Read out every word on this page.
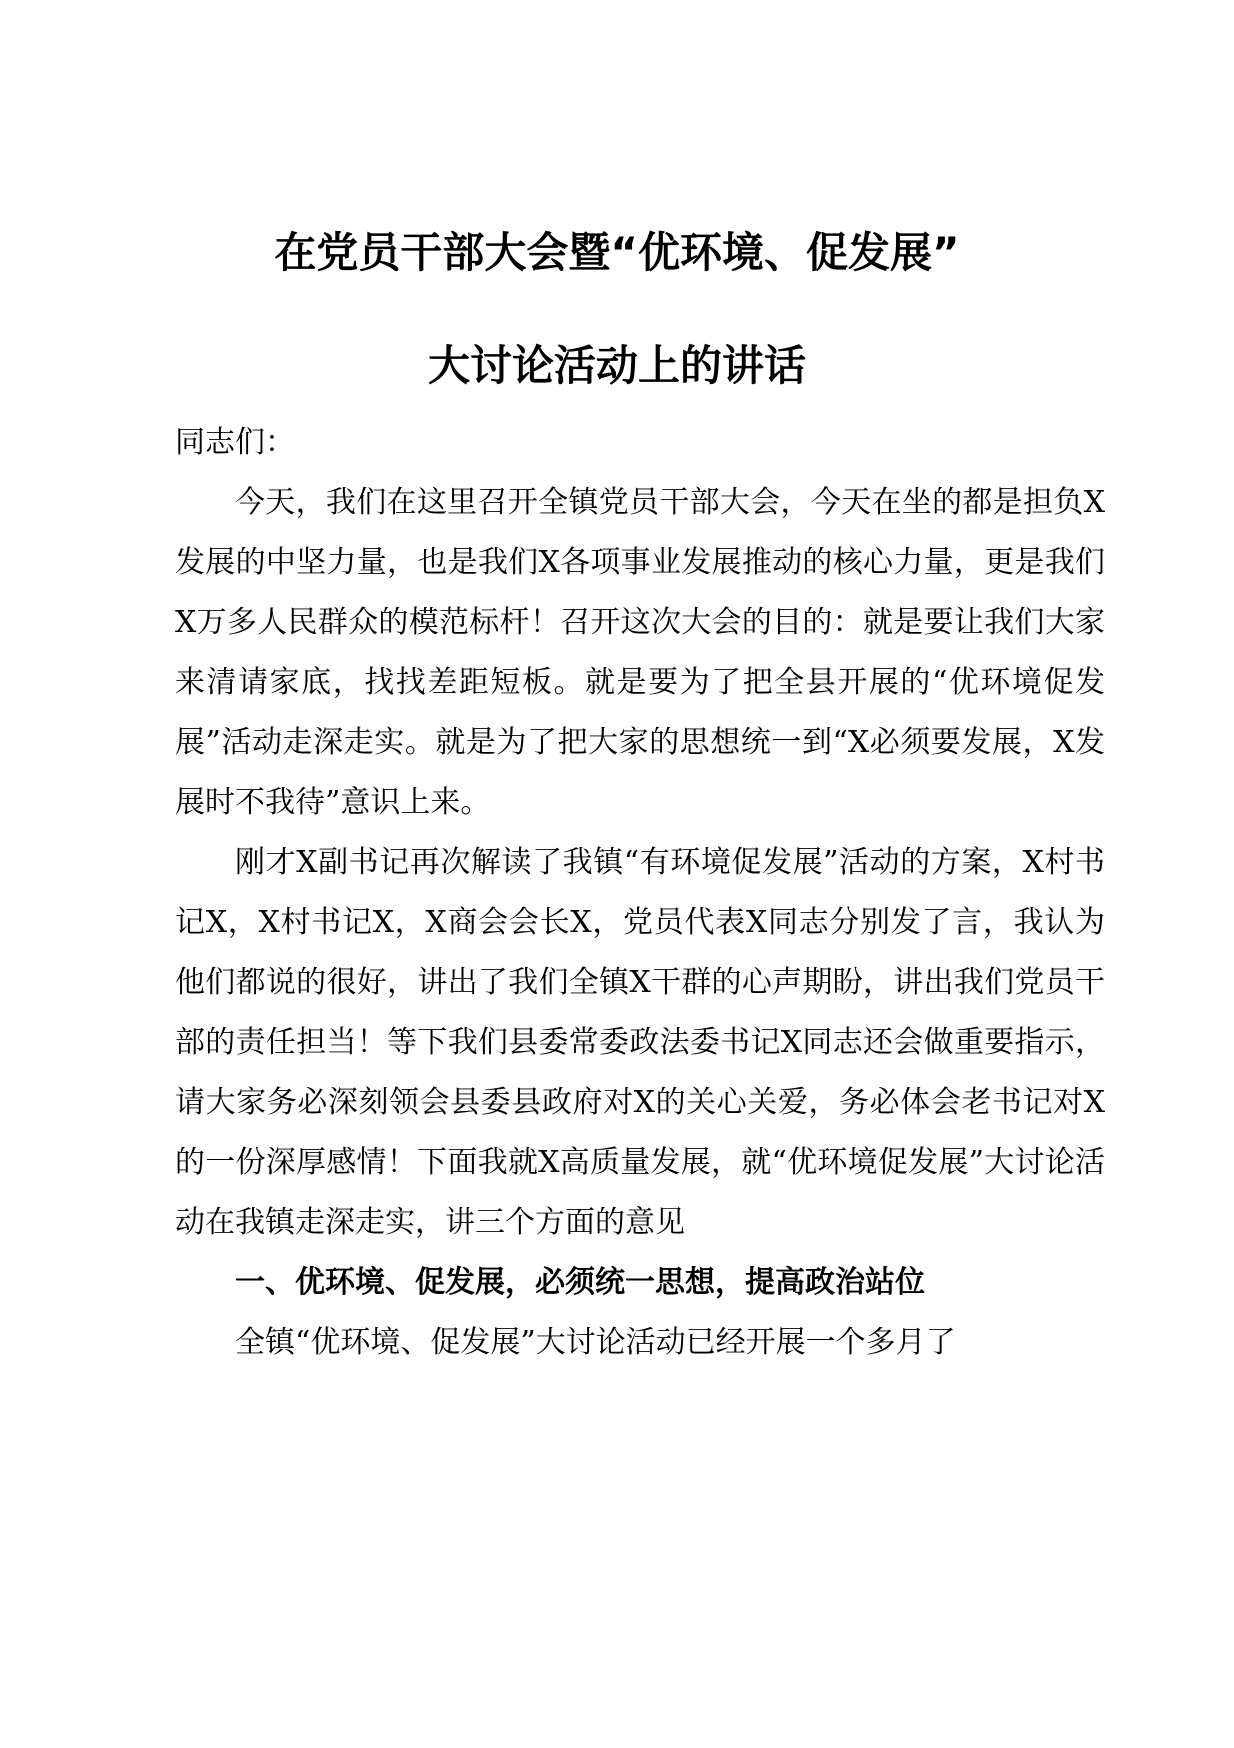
在党员干部大会暨“优环境、促发展”
大讨论活动上的讲话

同志们：

今天，我们在这里召开全镇党员干部大会，今天在坐的都是担负X发展的中坚力量，也是我们X各项事业发展推动的核心力量，更是我们X万多人民群众的模范标杆！召开这次大会的目的：就是要让我们大家来清请家底，找找差距短板。就是要为了把全县开展的“优环境促发展”活动走深走实。就是为了把大家的思想统一到“X必须要发展，X发展时不我待”意识上来。

刚才X副书记再次解读了我镇“有环境促发展”活动的方案，X村书记X，X村书记X，X商会会长X，党员代表X同志分别发了言，我认为他们都说的很好，讲出了我们全镇X干群的心声期盼，讲出我们党员干部的责任担当！等下我们县委常委政法委书记X同志还会做重要指示，请大家务必深刻领会县委县政府对X的关心关爱，务必体会老书记对X的一份深厚感情！下面我就X高质量发展，就“优环境促发展”大讨论活动在我镇走深走实，讲三个方面的意见

一、优环境、促发展，必须统一思想，提高政治站位

全镇“优环境、促发展”大讨论活动已经开展一个多月了
